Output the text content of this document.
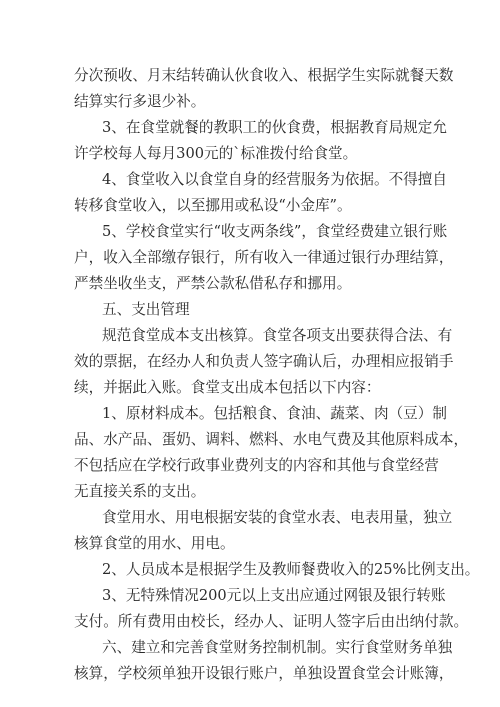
分次预收、月末结转确认伙食收入、根据学生实际就餐天数
结算实行多退少补。
3、在食堂就餐的教职工的伙食费，根据教育局规定允
许学校每人每月300元的`标准拨付给食堂。
4、食堂收入以食堂自身的经营服务为依据。不得擅自
转移食堂收入，以至挪用或私设“小金库”。
5、学校食堂实行“收支两条线”，食堂经费建立银行账
户，收入全部缴存银行，所有收入一律通过银行办理结算，
严禁坐收坐支，严禁公款私借私存和挪用。
五、支出管理
规范食堂成本支出核算。食堂各项支出要获得合法、有
效的票据，在经办人和负责人签字确认后，办理相应报销手
续，并据此入账。食堂支出成本包括以下内容：
1、原材料成本。包括粮食、食油、蔬菜、肉（豆）制
品、水产品、蛋奶、调料、燃料、水电气费及其他原料成本，
不包括应在学校行政事业费列支的内容和其他与食堂经营
无直接关系的支出。
食堂用水、用电根据安装的食堂水表、电表用量，独立
核算食堂的用水、用电。
2、人员成本是根据学生及教师餐费收入的25%比例支出。
3、无特殊情况200元以上支出应通过网银及银行转账
支付。所有费用由校长，经办人、证明人签字后由出纳付款。
六、建立和完善食堂财务控制机制。实行食堂财务单独
核算，学校须单独开设银行账户，单独设置食堂会计账簿，
